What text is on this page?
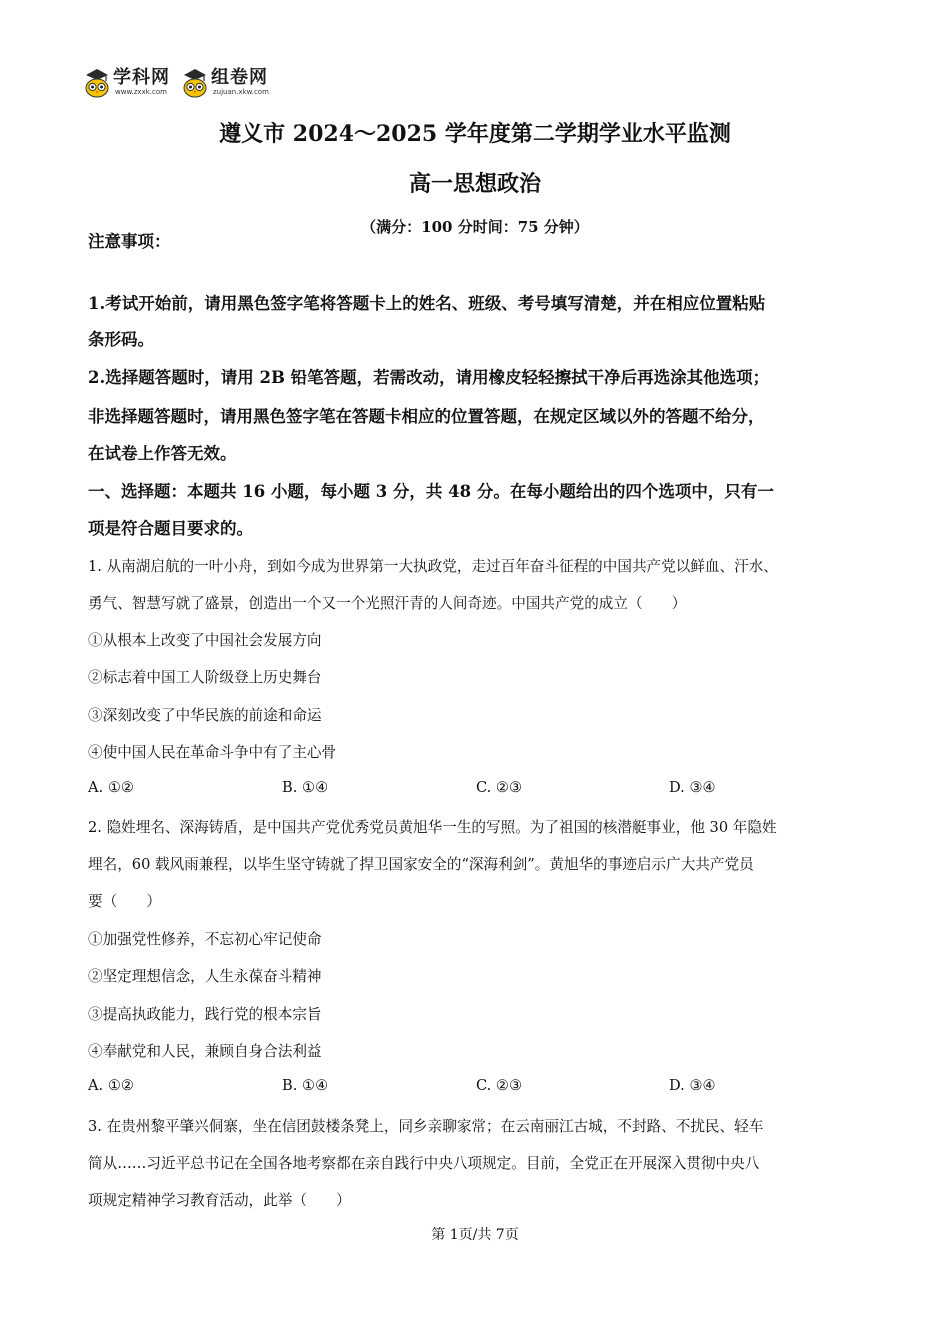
学科网
www.zxxk.com
组卷网
zujuan.xkw.com
遵义市 2024～2025 学年度第二学期学业水平监测
高一思想政治
（满分：100 分时间：75 分钟）
注意事项：
1.考试开始前，请用黑色签字笔将答题卡上的姓名、班级、考号填写清楚，并在相应位置粘贴
条形码。
2.选择题答题时，请用 2B 铅笔答题，若需改动，请用橡皮轻轻擦拭干净后再选涂其他选项；
非选择题答题时，请用黑色签字笔在答题卡相应的位置答题，在规定区域以外的答题不给分，
在试卷上作答无效。
一、选择题：本题共 16 小题，每小题 3 分，共 48 分。在每小题给出的四个选项中，只有一
项是符合题目要求的。
1. 从南湖启航的一叶小舟，到如今成为世界第一大执政党，走过百年奋斗征程的中国共产党以鲜血、汗水、
勇气、智慧写就了盛景，创造出一个又一个光照汗青的人间奇迹。中国共产党的成立（　　）
①从根本上改变了中国社会发展方向
②标志着中国工人阶级登上历史舞台
③深刻改变了中华民族的前途和命运
④使中国人民在革命斗争中有了主心骨
A. ①②	B. ①④	C. ②③	D. ③④
2. 隐姓埋名、深海铸盾，是中国共产党优秀党员黄旭华一生的写照。为了祖国的核潜艇事业，他 30 年隐姓
埋名，60 载风雨兼程，以毕生坚守铸就了捍卫国家安全的“深海利剑”。黄旭华的事迹启示广大共产党员
要（　　）
①加强党性修养，不忘初心牢记使命
②坚定理想信念，人生永葆奋斗精神
③提高执政能力，践行党的根本宗旨
④奉献党和人民，兼顾自身合法利益
A. ①②	B. ①④	C. ②③	D. ③④
3. 在贵州黎平肇兴侗寨，坐在信团鼓楼条凳上，同乡亲聊家常；在云南丽江古城，不封路、不扰民、轻车
简从……习近平总书记在全国各地考察都在亲自践行中央八项规定。目前，全党正在开展深入贯彻中央八
项规定精神学习教育活动，此举（　　）
第 1页/共 7页
